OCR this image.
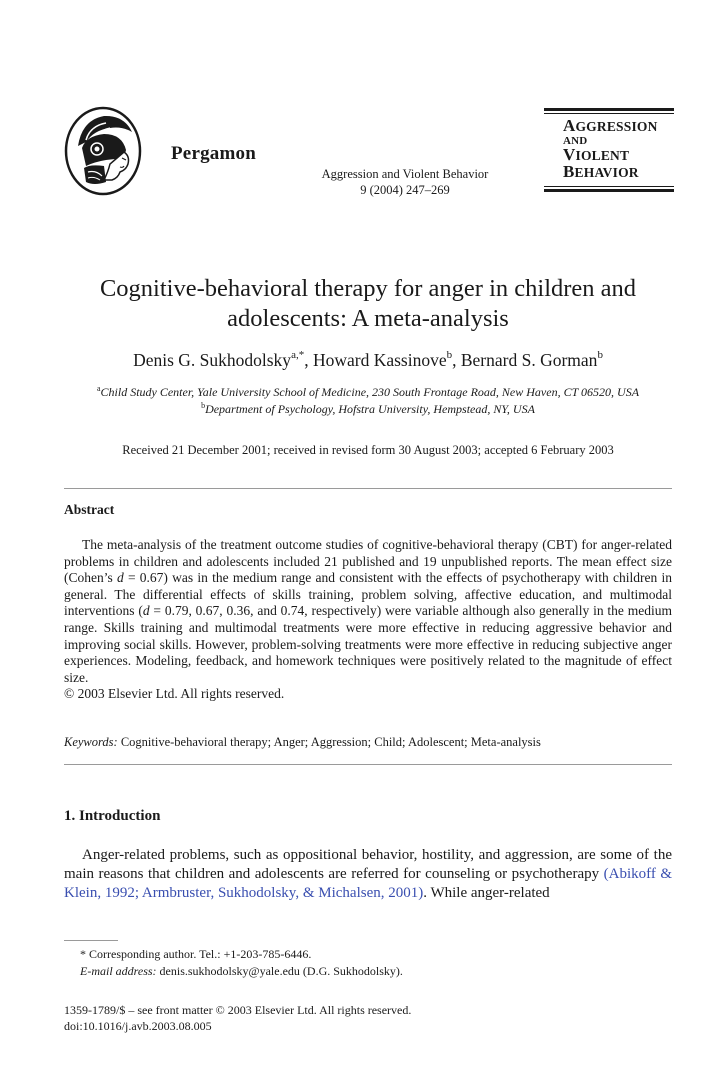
Pergamon
Aggression and Violent Behavior
9 (2004) 247–269
AGGRESSION
AND
VIOLENT
BEHAVIOR
Cognitive-behavioral therapy for anger in children and
adolescents: A meta-analysis
Denis G. Sukhodolsky$^{a,*}$, Howard Kassinove$^b$, Bernard S. Gorman$^b$
$^a$Child Study Center, Yale University School of Medicine, 230 South Frontage Road, New Haven, CT 06520, USA
$^b$Department of Psychology, Hofstra University, Hempstead, NY, USA
Received 21 December 2001; received in revised form 30 August 2003; accepted 6 February 2003
Abstract

The meta-analysis of the treatment outcome studies of cognitive-behavioral therapy (CBT) for anger-related problems in children and adolescents included 21 published and 19 unpublished reports. The mean effect size (Cohen’s d = 0.67) was in the medium range and consistent with the effects of psychotherapy with children in general. The differential effects of skills training, problem solving, affective education, and multimodal interventions (d = 0.79, 0.67, 0.36, and 0.74, respectively) were variable although also generally in the medium range. Skills training and multimodal treatments were more effective in reducing aggressive behavior and improving social skills. However, problem-solving treatments were more effective in reducing subjective anger experiences. Modeling, feedback, and homework techniques were positively related to the magnitude of effect size.

© 2003 Elsevier Ltd. All rights reserved.

Keywords: Cognitive-behavioral therapy; Anger; Aggression; Child; Adolescent; Meta-analysis
1. Introduction

Anger-related problems, such as oppositional behavior, hostility, and aggression, are some of the main reasons that children and adolescents are referred for counseling or psychotherapy (Abikoff & Klein, 1992; Armbruster, Sukhodolsky, & Michalsen, 2001). While anger-related

* Corresponding author. Tel.: +1-203-785-6446.
E-mail address: denis.sukhodolsky@yale.edu (D.G. Sukhodolsky).
1359-1789/$ – see front matter © 2003 Elsevier Ltd. All rights reserved.
doi:10.1016/j.avb.2003.08.005
